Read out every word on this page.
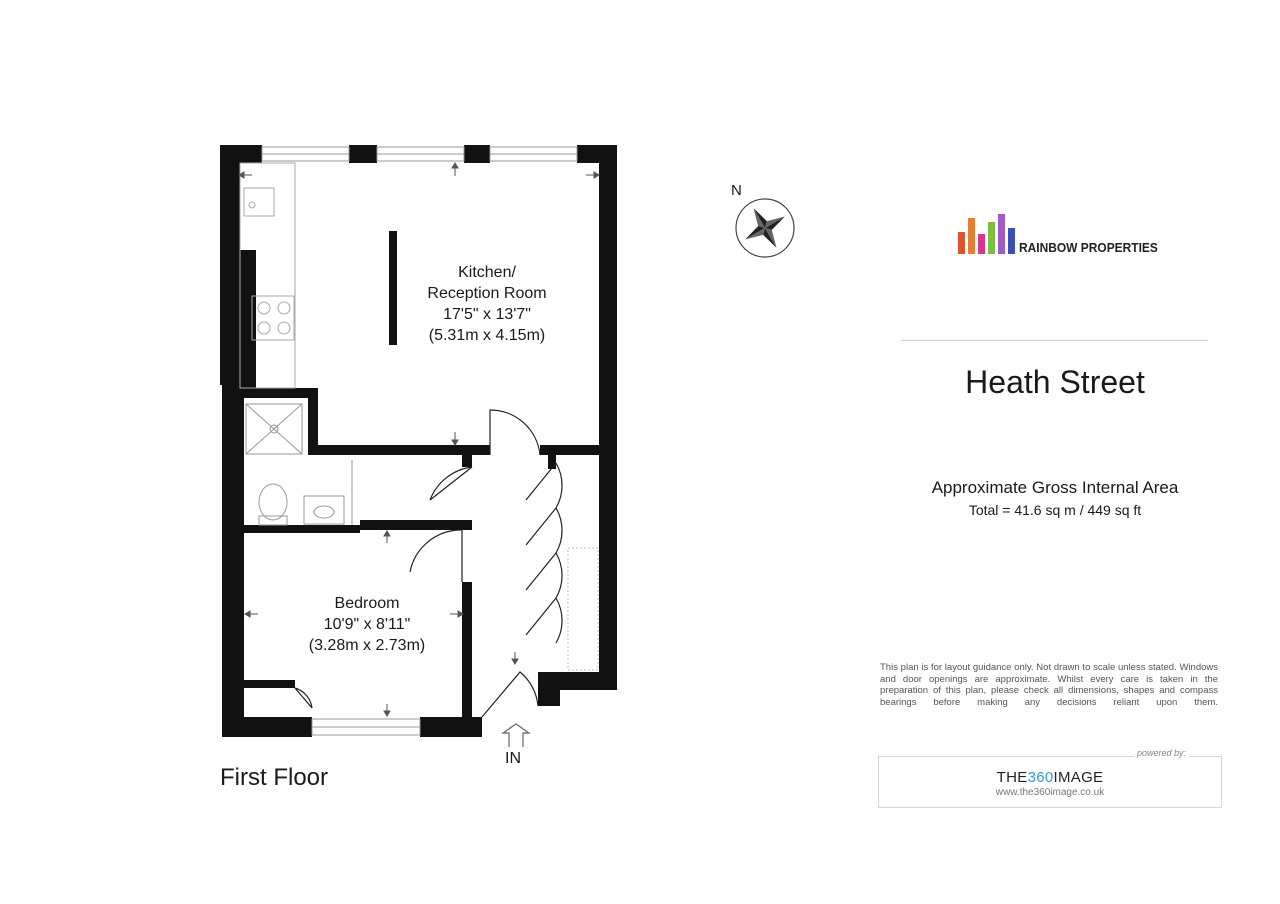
Kitchen/
Reception Room
17'5" x 13'7"
(5.31m x 4.15m)
Bedroom
10'9" x 8'11"
(3.28m x 2.73m)
First Floor
IN
N
RAINBOW PROPERTIES
Heath Street
Approximate Gross Internal Area
Total = 41.6 sq m / 449 sq ft
This plan is for layout guidance only. Not drawn to scale unless stated. Windows and door openings are approximate. Whilst every care is taken in the preparation of this plan, please check all dimensions, shapes and compass bearings before making any decisions reliant upon them.
powered by:
THE360IMAGE
www.the360image.co.uk
